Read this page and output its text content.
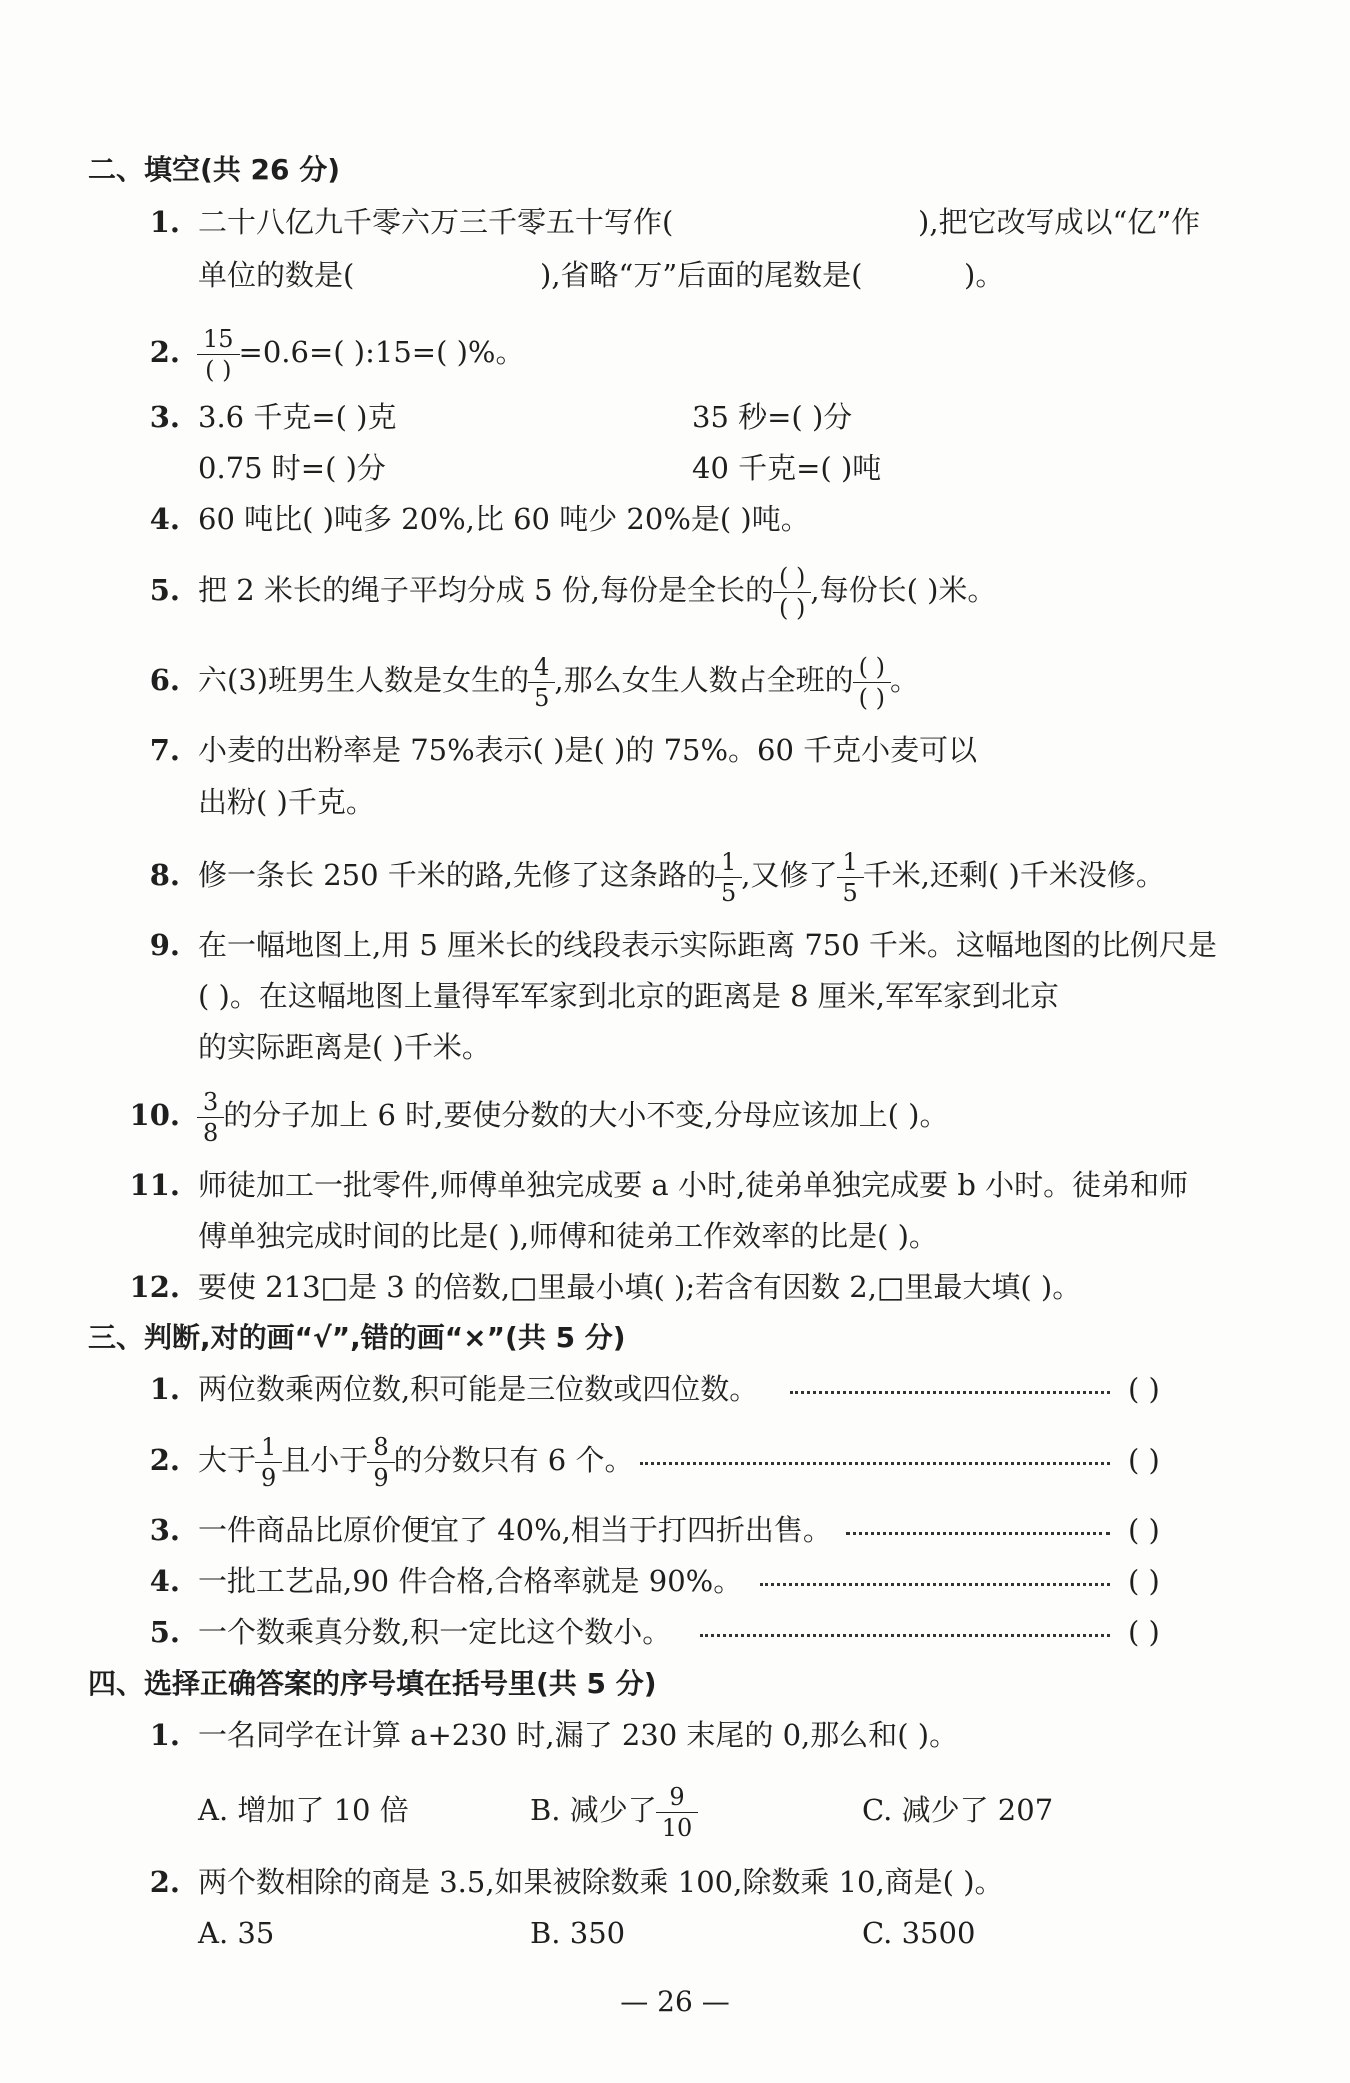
二、填空(共 26 分)
1. 二十八亿九千零六万三千零五十写作(	),把它改写成以“亿”作
单位的数是(	),省略“万”后面的尾数是(	)。
2. $\frac{15}{( )} =0.6=$( ):15=( )%。
3. 3.6 千克=( )克	35 秒=( )分
0.75 时=( )分	40 千克=( )吨
4. 60 吨比( )吨多 20%,比 60 吨少 20%是( )吨。
5. 把 2 米长的绳子平均分成 5 份,每份是全长的 $\frac{( )}{( )}$ ,每份长( )米。
6. 六(3)班男生人数是女生的 $\frac{4}{5}$ ,那么女生人数占全班的 $\frac{( )}{( )}$ 。
7. 小麦的出粉率是 75%表示( )是( )的 75%。60 千克小麦可以
出粉( )千克。
8. 修一条长 250 千米的路,先修了这条路的 $\frac{1}{5}$ ,又修了 $\frac{1}{5}$ 千米,还剩( )千米没修。
9. 在一幅地图上,用 5 厘米长的线段表示实际距离 750 千米。这幅地图的比例尺是
( )。在这幅地图上量得军军家到北京的距离是 8 厘米,军军家到北京
的实际距离是( )千米。
10. $\frac{3}{8}$ 的分子加上 6 时,要使分数的大小不变,分母应该加上( )。
11. 师徒加工一批零件,师傅单独完成要 a 小时,徒弟单独完成要 b 小时。徒弟和师
傅单独完成时间的比是( ),师傅和徒弟工作效率的比是( )。
12. 要使 213□是 3 的倍数,□里最小填( );若含有因数 2,□里最大填( )。
三、判断,对的画“√”,错的画“×”(共 5 分)
1. 两位数乘两位数,积可能是三位数或四位数。	( )
2. 大于 $\frac{1}{9}$ 且小于 $\frac{8}{9}$ 的分数只有 6 个。	( )
3. 一件商品比原价便宜了 40%,相当于打四折出售。	( )
4. 一批工艺品,90 件合格,合格率就是 90%。	( )
5. 一个数乘真分数,积一定比这个数小。	( )
四、选择正确答案的序号填在括号里(共 5 分)
1. 一名同学在计算 a+230 时,漏了 230 末尾的 0,那么和( )。
A. 增加了 10 倍	B. 减少了 $\frac{9}{10}$	C. 减少了 207
2. 两个数相除的商是 3.5,如果被除数乘 100,除数乘 10,商是( )。
A. 35	B. 350	C. 3500
— 26 —
